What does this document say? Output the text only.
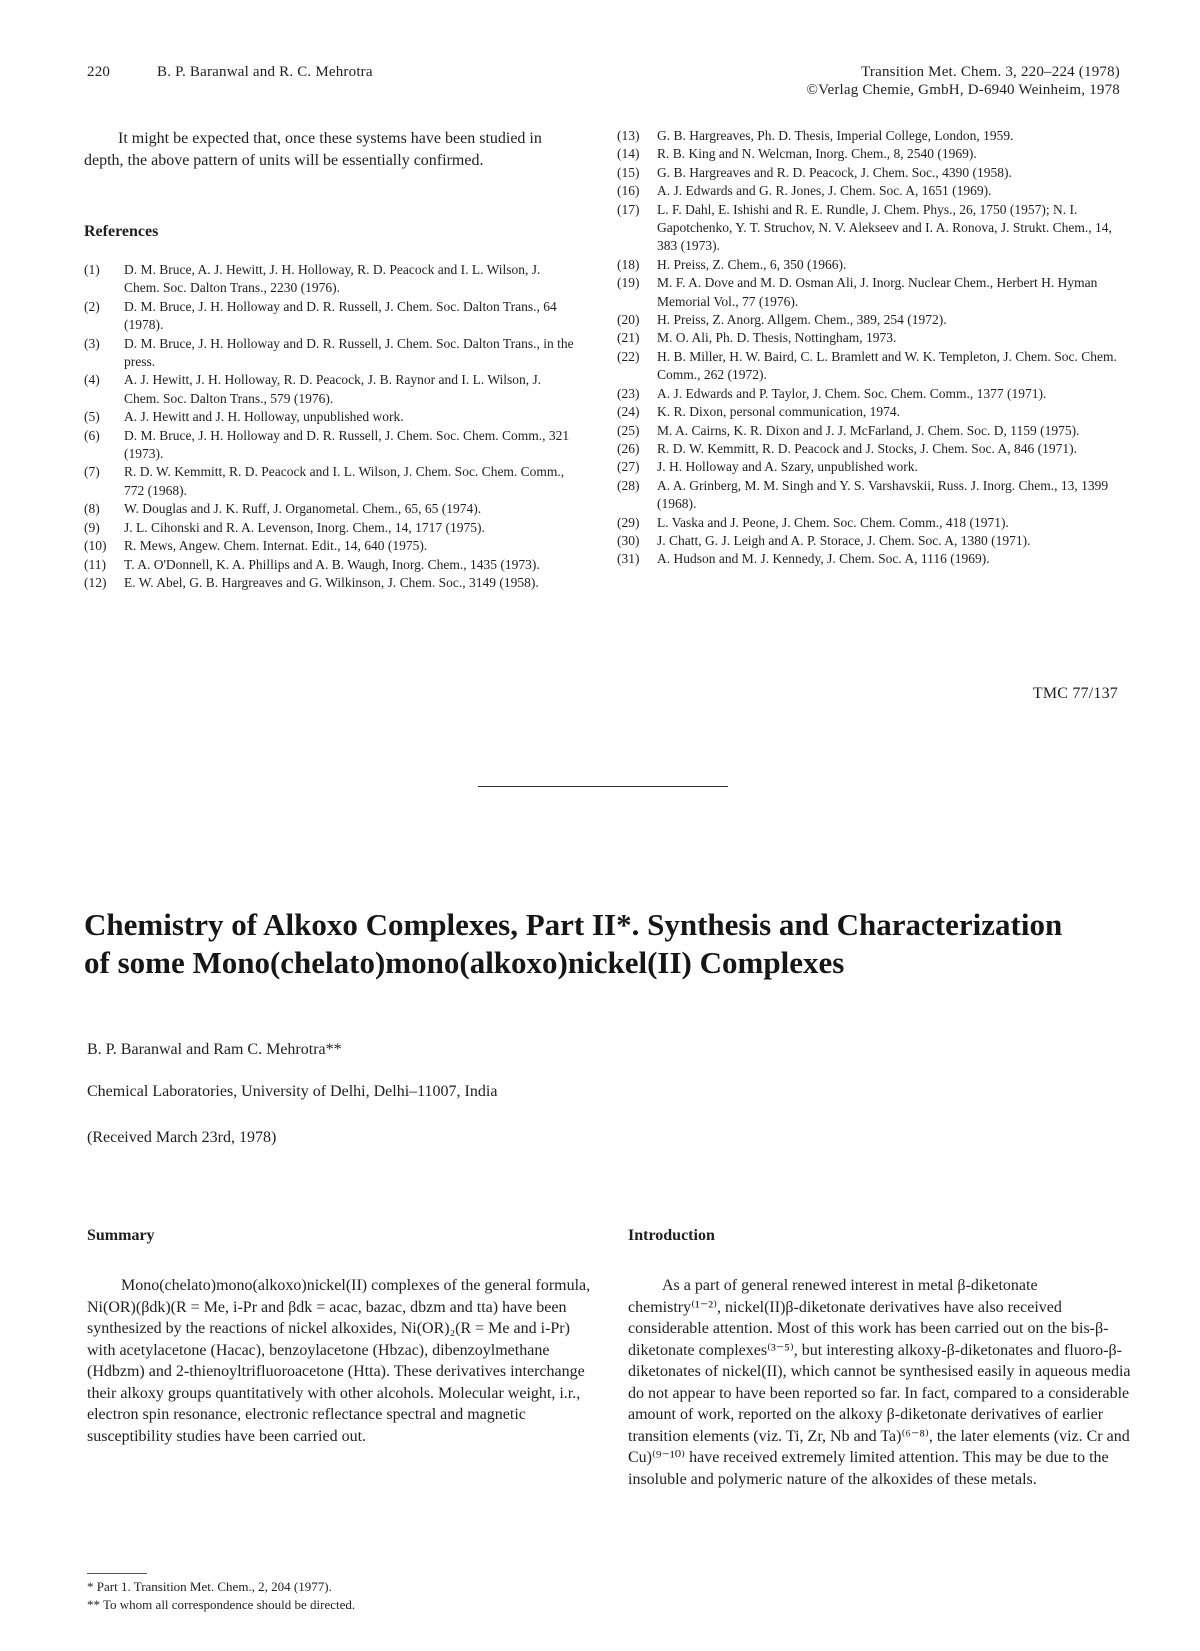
220	B. P. Baranwal and R. C. Mehrotra	Transition Met. Chem. 3, 220–224 (1978)
©Verlag Chemie, GmbH, D-6940 Weinheim, 1978

It might be expected that, once these systems have been studied in depth, the above pattern of units will be essentially confirmed.

References

(1) D. M. Bruce, A. J. Hewitt, J. H. Holloway, R. D. Peacock and I. L. Wilson, J. Chem. Soc. Dalton Trans., 2230 (1976).

(2) D. M. Bruce, J. H. Holloway and D. R. Russell, J. Chem. Soc. Dalton Trans., 64 (1978).

(3) D. M. Bruce, J. H. Holloway and D. R. Russell, J. Chem. Soc. Dalton Trans., in the press.

(4) A. J. Hewitt, J. H. Holloway, R. D. Peacock, J. B. Raynor and I. L. Wilson, J. Chem. Soc. Dalton Trans., 579 (1976).

(5) A. J. Hewitt and J. H. Holloway, unpublished work.

(6) D. M. Bruce, J. H. Holloway and D. R. Russell, J. Chem. Soc. Chem. Comm., 321 (1973).

(7) R. D. W. Kemmitt, R. D. Peacock and I. L. Wilson, J. Chem. Soc. Chem. Comm., 772 (1968).

(8) W. Douglas and J. K. Ruff, J. Organometal. Chem., 65, 65 (1974).

(9) J. L. Cihonski and R. A. Levenson, Inorg. Chem., 14, 1717 (1975).

(10) R. Mews, Angew. Chem. Internat. Edit., 14, 640 (1975).

(11) T. A. O'Donnell, K. A. Phillips and A. B. Waugh, Inorg. Chem., 1435 (1973).

(12) E. W. Abel, G. B. Hargreaves and G. Wilkinson, J. Chem. Soc., 3149 (1958).

(13) G. B. Hargreaves, Ph. D. Thesis, Imperial College, London, 1959.

(14) R. B. King and N. Welcman, Inorg. Chem., 8, 2540 (1969).

(15) G. B. Hargreaves and R. D. Peacock, J. Chem. Soc., 4390 (1958).

(16) A. J. Edwards and G. R. Jones, J. Chem. Soc. A, 1651 (1969).

(17) L. F. Dahl, E. Ishishi and R. E. Rundle, J. Chem. Phys., 26, 1750 (1957); N. I. Gapotchenko, Y. T. Struchov, N. V. Alekseev and I. A. Ronova, J. Strukt. Chem., 14, 383 (1973).

(18) H. Preiss, Z. Chem., 6, 350 (1966).

(19) M. F. A. Dove and M. D. Osman Ali, J. Inorg. Nuclear Chem., Herbert H. Hyman Memorial Vol., 77 (1976).

(20) H. Preiss, Z. Anorg. Allgem. Chem., 389, 254 (1972).

(21) M. O. Ali, Ph. D. Thesis, Nottingham, 1973.

(22) H. B. Miller, H. W. Baird, C. L. Bramlett and W. K. Templeton, J. Chem. Soc. Chem. Comm., 262 (1972).

(23) A. J. Edwards and P. Taylor, J. Chem. Soc. Chem. Comm., 1377 (1971).

(24) K. R. Dixon, personal communication, 1974.

(25) M. A. Cairns, K. R. Dixon and J. J. McFarland, J. Chem. Soc. D, 1159 (1975).

(26) R. D. W. Kemmitt, R. D. Peacock and J. Stocks, J. Chem. Soc. A, 846 (1971).

(27) J. H. Holloway and A. Szary, unpublished work.

(28) A. A. Grinberg, M. M. Singh and Y. S. Varshavskii, Russ. J. Inorg. Chem., 13, 1399 (1968).

(29) L. Vaska and J. Peone, J. Chem. Soc. Chem. Comm., 418 (1971).

(30) J. Chatt, G. J. Leigh and A. P. Storace, J. Chem. Soc. A, 1380 (1971).

(31) A. Hudson and M. J. Kennedy, J. Chem. Soc. A, 1116 (1969).

TMC 77/137
Chemistry of Alkoxo Complexes, Part II*. Synthesis and Characterization
of some Mono(chelato)mono(alkoxo)nickel(II) Complexes
B. P. Baranwal and Ram C. Mehrotra**
Chemical Laboratories, University of Delhi, Delhi–11007, India
(Received March 23rd, 1978)
Summary

Mono(chelato)mono(alkoxo)nickel(II) complexes of the general formula, Ni(OR)(βdk)(R = Me, i-Pr and βdk = acac, bazac, dbzm and tta) have been synthesized by the reactions of nickel alkoxides, Ni(OR)₂(R = Me and i-Pr) with acetylacetone (Hacac), benzoylacetone (Hbzac), dibenzoylmethane (Hdbzm) and 2-thienoyltrifluoroacetone (Htta). These derivatives interchange their alkoxy groups quantitatively with other alcohols. Molecular weight, i.r., electron spin resonance, electronic reflectance spectral and magnetic susceptibility studies have been carried out.

* Part 1. Transition Met. Chem., 2, 204 (1977).
** To whom all correspondence should be directed.
Introduction

As a part of general renewed interest in metal β-diketonate chemistry⁽¹⁻²⁾, nickel(II)β-diketonate derivatives have also received considerable attention. Most of this work has been carried out on the bis-β-diketonate complexes⁽³⁻⁵⁾, but interesting alkoxy-β-diketonates and fluoro-β-diketonates of nickel(II), which cannot be synthesised easily in aqueous media do not appear to have been reported so far. In fact, compared to a considerable amount of work, reported on the alkoxy β-diketonate derivatives of earlier transition elements (viz. Ti, Zr, Nb and Ta)⁽⁶⁻⁸⁾, the later elements (viz. Cr and Cu)⁽⁹⁻¹⁰⁾ have received extremely limited attention. This may be due to the insoluble and polymeric nature of the alkoxides of these metals.
